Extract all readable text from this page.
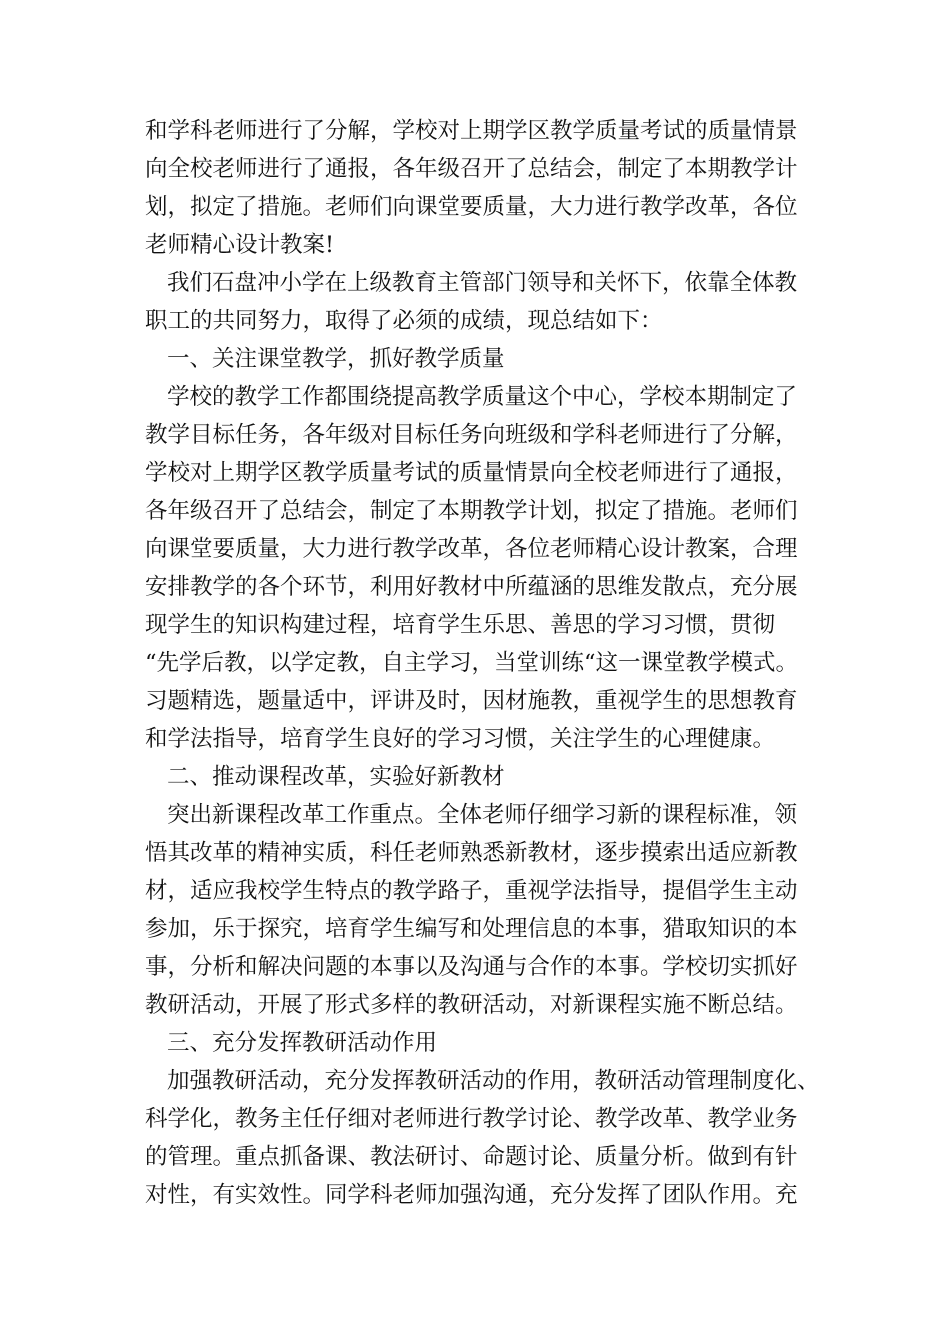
和学科老师进行了分解，学校对上期学区教学质量考试的质量情景
向全校老师进行了通报，各年级召开了总结会，制定了本期教学计
划，拟定了措施。老师们向课堂要质量，大力进行教学改革，各位
老师精心设计教案!
我们石盘冲小学在上级教育主管部门领导和关怀下，依靠全体教
职工的共同努力，取得了必须的成绩，现总结如下：
一、关注课堂教学，抓好教学质量
学校的教学工作都围绕提高教学质量这个中心，学校本期制定了
教学目标任务，各年级对目标任务向班级和学科老师进行了分解，
学校对上期学区教学质量考试的质量情景向全校老师进行了通报，
各年级召开了总结会，制定了本期教学计划，拟定了措施。老师们
向课堂要质量，大力进行教学改革，各位老师精心设计教案，合理
安排教学的各个环节，利用好教材中所蕴涵的思维发散点，充分展
现学生的知识构建过程，培育学生乐思、善思的学习习惯，贯彻
“先学后教，以学定教，自主学习，当堂训练“这一课堂教学模式。
习题精选，题量适中，评讲及时，因材施教，重视学生的思想教育
和学法指导，培育学生良好的学习习惯，关注学生的心理健康。
二、推动课程改革，实验好新教材
突出新课程改革工作重点。全体老师仔细学习新的课程标准，领
悟其改革的精神实质，科任老师熟悉新教材，逐步摸索出适应新教
材，适应我校学生特点的教学路子，重视学法指导，提倡学生主动
参加，乐于探究，培育学生编写和处理信息的本事，猎取知识的本
事，分析和解决问题的本事以及沟通与合作的本事。学校切实抓好
教研活动，开展了形式多样的教研活动，对新课程实施不断总结。
三、充分发挥教研活动作用
加强教研活动，充分发挥教研活动的作用，教研活动管理制度化、
科学化，教务主任仔细对老师进行教学讨论、教学改革、教学业务
的管理。重点抓备课、教法研讨、命题讨论、质量分析。做到有针
对性，有实效性。同学科老师加强沟通，充分发挥了团队作用。充
